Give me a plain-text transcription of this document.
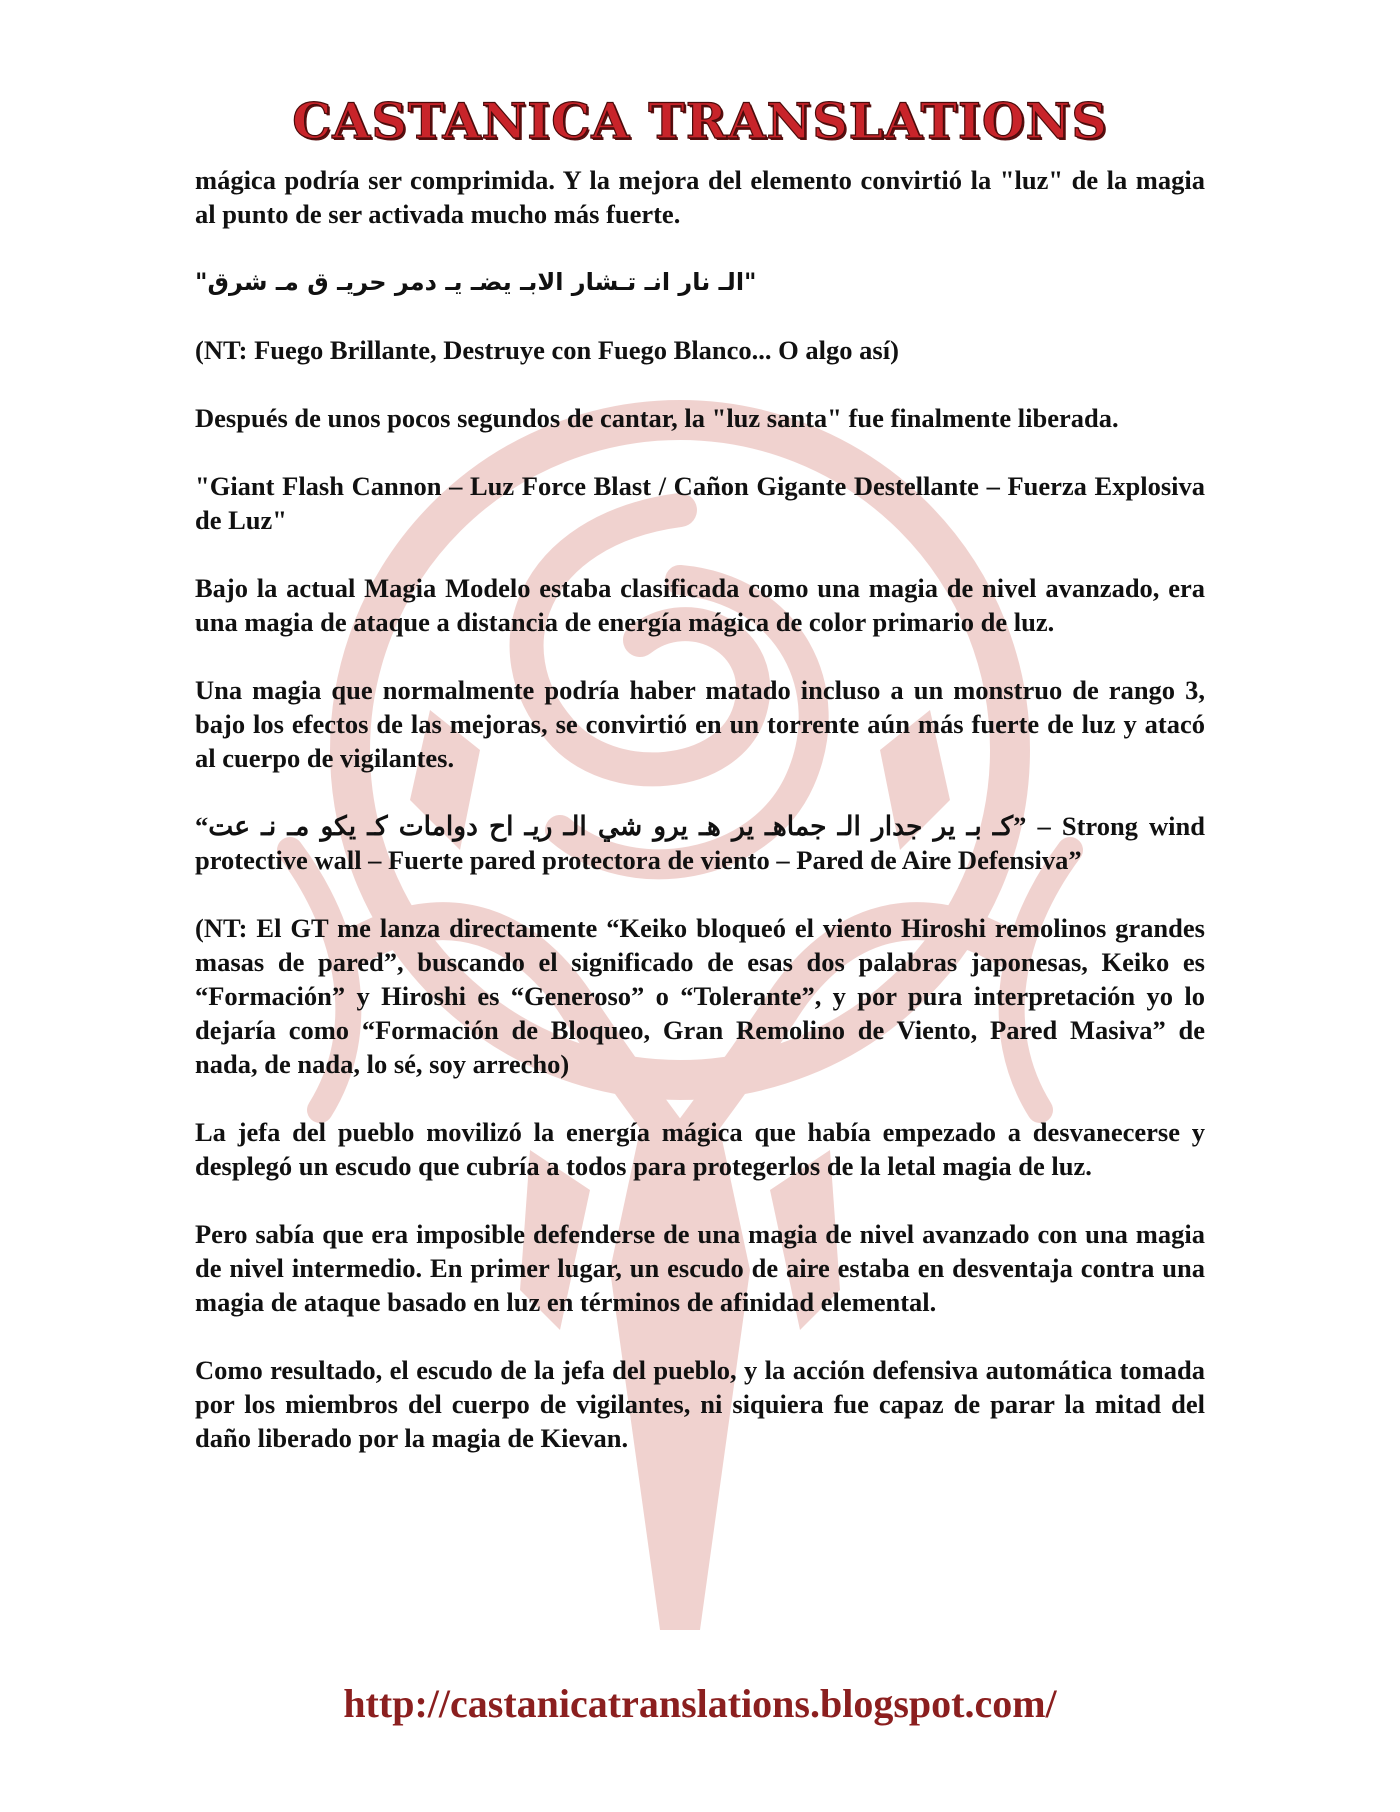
CASTANICA TRANSLATIONS

mágica podría ser comprimida. Y la mejora del elemento convirtió la "luz" de la magia al punto de ser activada mucho más fuerte.

"الـ نار انـ تـشار الابـ يضـ يـ دمر حريـ ق مـ شرق"

(NT: Fuego Brillante, Destruye con Fuego Blanco... O algo así)

Después de unos pocos segundos de cantar, la "luz santa" fue finalmente liberada.

"Giant Flash Cannon – Luz Force Blast / Cañon Gigante Destellante – Fuerza Explosiva de Luz"

Bajo la actual Magia Modelo estaba clasificada como una magia de nivel avanzado, era una magia de ataque a distancia de energía mágica de color primario de luz.

Una magia que normalmente podría haber matado incluso a un monstruo de rango 3, bajo los efectos de las mejoras, se convirtió en un torrente aún más fuerte de luz y atacó al cuerpo de vigilantes.

“كـ بـ ير جدار الـ جماهـ ير هـ يرو شي الـ ريـ اح دوامات كـ يكو مـ نـ عت” – Strong wind protective wall – Fuerte pared protectora de viento – Pared de Aire Defensiva”

(NT: El GT me lanza directamente “Keiko bloqueó el viento Hiroshi remolinos grandes masas de pared”, buscando el significado de esas dos palabras japonesas, Keiko es “Formación” y Hiroshi es “Generoso” o “Tolerante”, y por pura interpretación yo lo dejaría como “Formación de Bloqueo, Gran Remolino de Viento, Pared Masiva” de nada, de nada, lo sé, soy arrecho)

La jefa del pueblo movilizó la energía mágica que había empezado a desvanecerse y desplegó un escudo que cubría a todos para protegerlos de la letal magia de luz.

Pero sabía que era imposible defenderse de una magia de nivel avanzado con una magia de nivel intermedio. En primer lugar, un escudo de aire estaba en desventaja contra una magia de ataque basado en luz en términos de afinidad elemental.

Como resultado, el escudo de la jefa del pueblo, y la acción defensiva automática tomada por los miembros del cuerpo de vigilantes, ni siquiera fue capaz de parar la mitad del daño liberado por la magia de Kievan.

http://castanicatranslations.blogspot.com/
